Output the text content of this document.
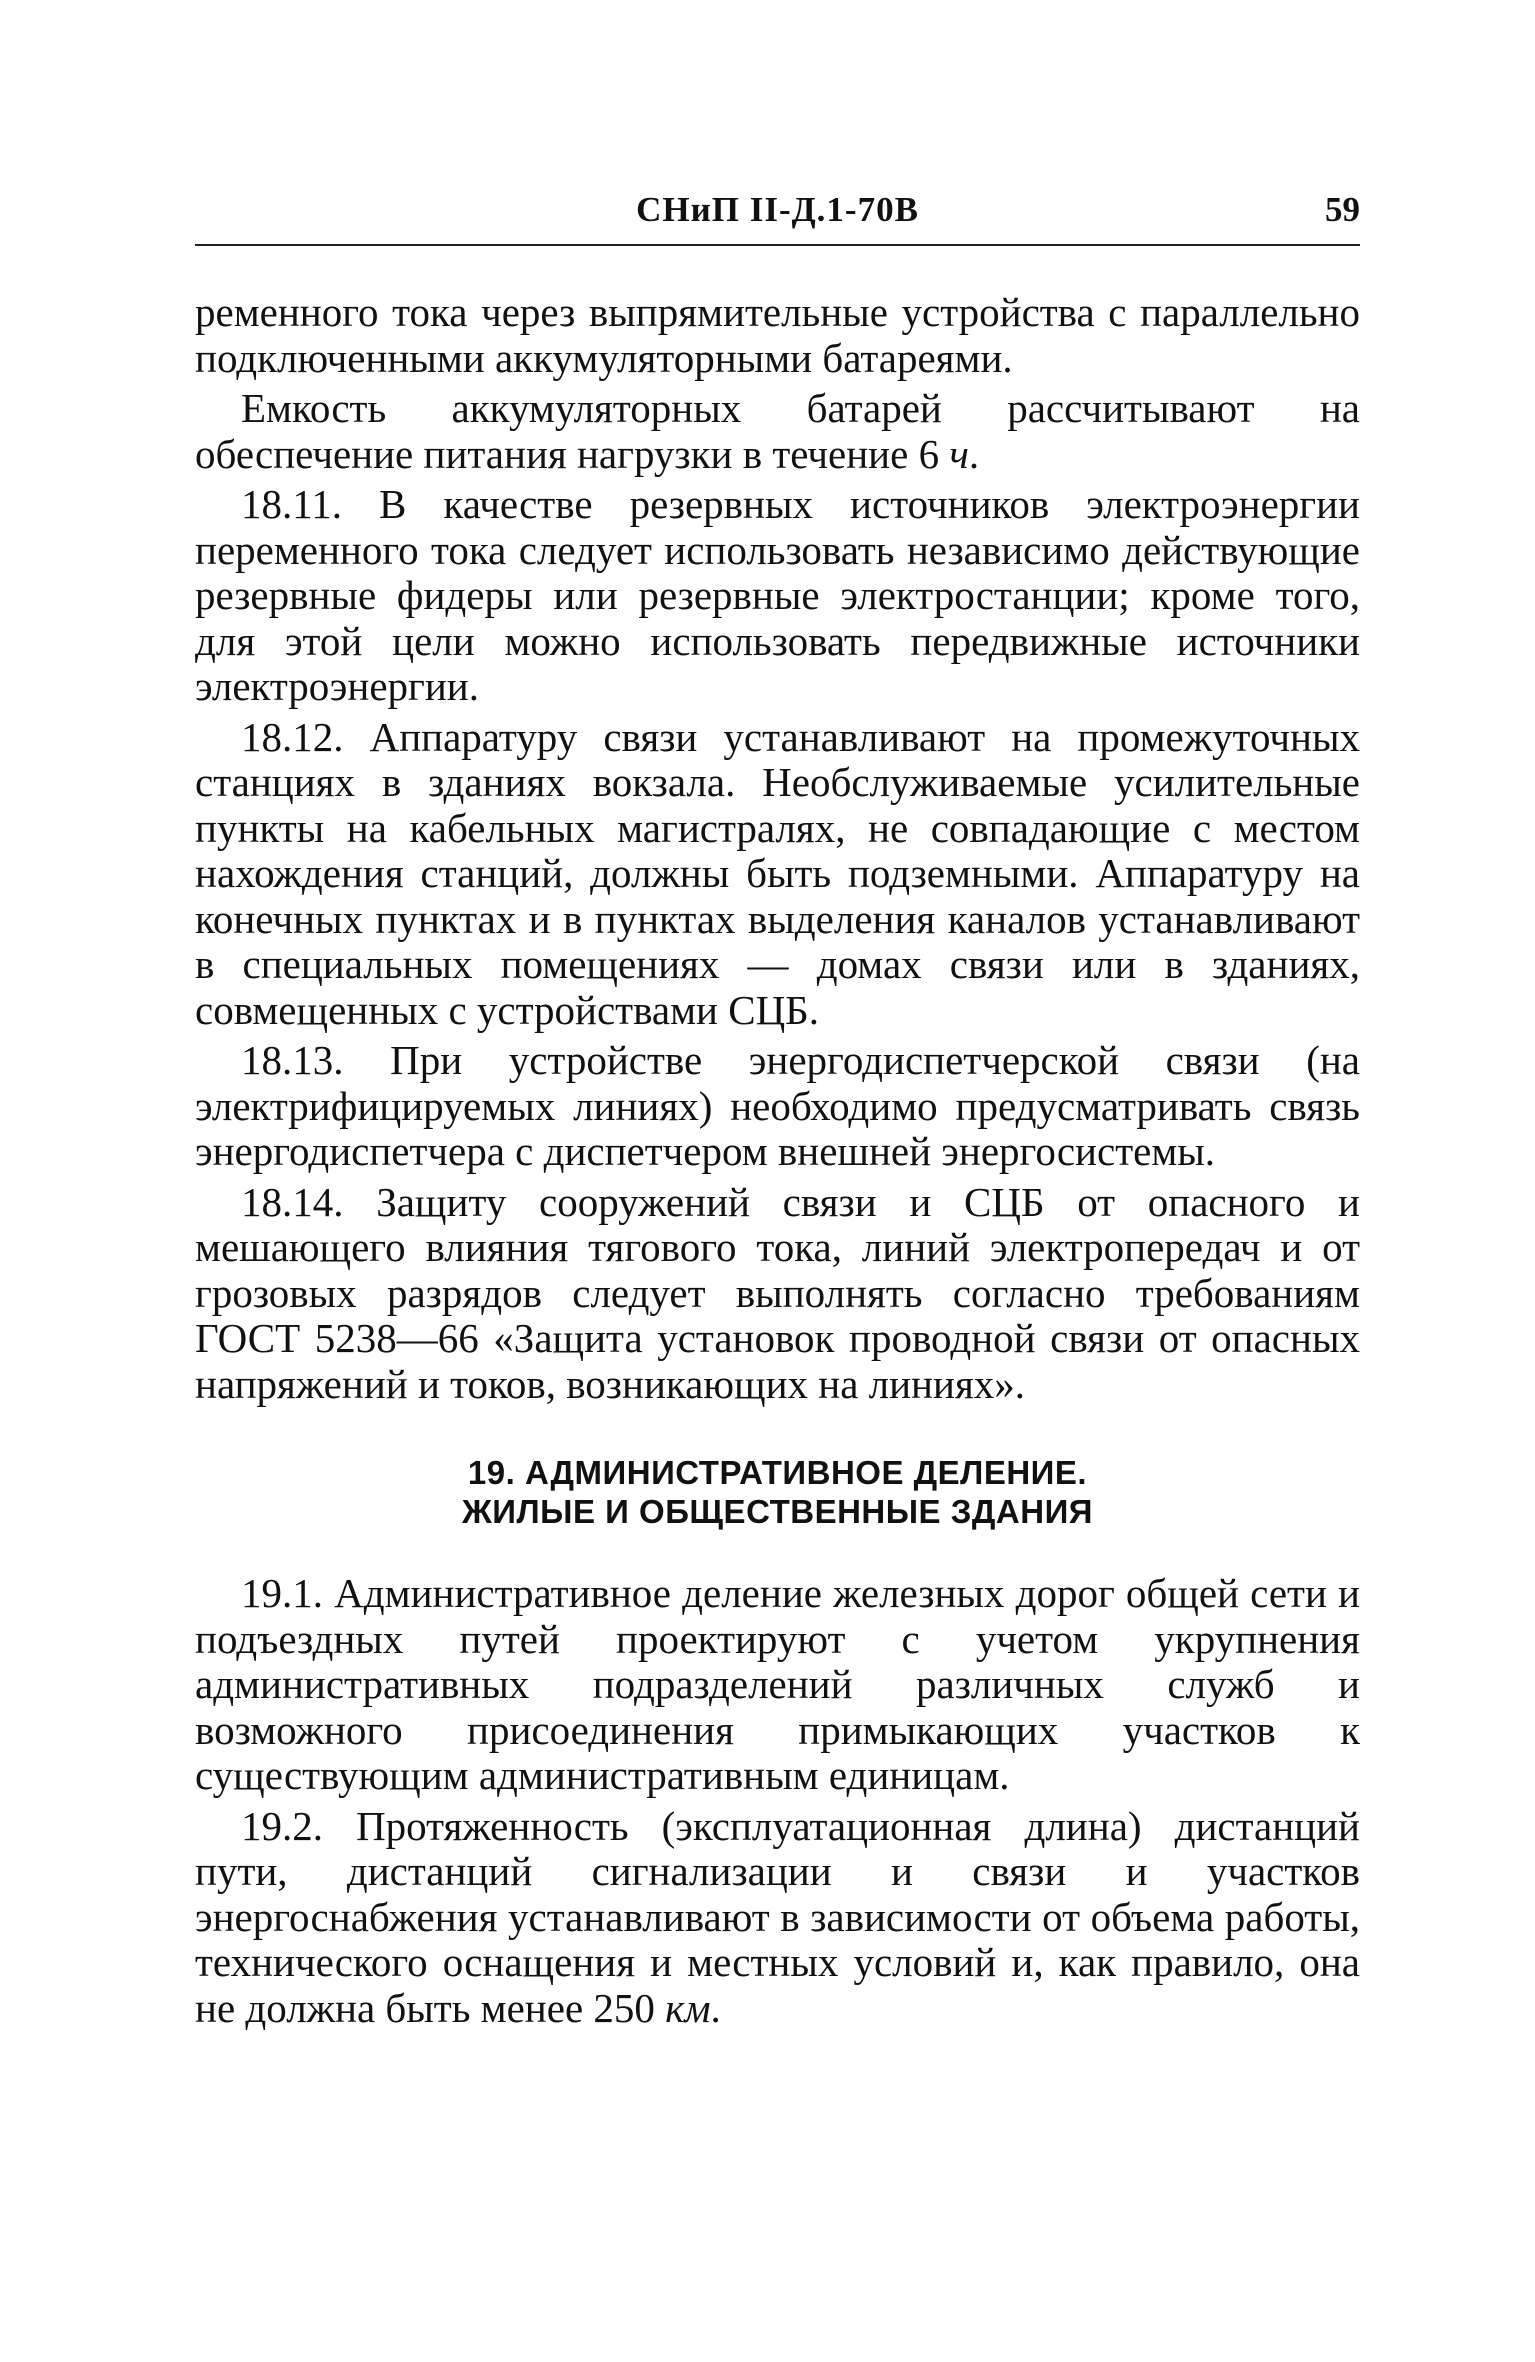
СНиП II-Д.1-70В	59

ременного тока через выпрямительные устройства с параллельно подключенными аккумуляторными батареями.

Емкость аккумуляторных батарей рассчитывают на обеспечение питания нагрузки в течение 6 ч.

18.11. В качестве резервных источников электроэнергии переменного тока следует использовать независимо действующие резервные фидеры или резервные электростанции; кроме того, для этой цели можно использовать передвижные источники электроэнергии.

18.12. Аппаратуру связи устанавливают на промежуточных станциях в зданиях вокзала. Необслуживаемые усилительные пункты на кабельных магистралях, не совпадающие с местом нахождения станций, должны быть подземными. Аппаратуру на конечных пунктах и в пунктах выделения каналов устанавливают в специальных помещениях — домах связи или в зданиях, совмещенных с устройствами СЦБ.

18.13. При устройстве энергодиспетчерской связи (на электрифицируемых линиях) необходимо предусматривать связь энергодиспетчера с диспетчером внешней энергосистемы.

18.14. Защиту сооружений связи и СЦБ от опасного и мешающего влияния тягового тока, линий электропередач и от грозовых разрядов следует выполнять согласно требованиям ГОСТ 5238—66 «Защита установок проводной связи от опасных напряжений и токов, возникающих на линиях».

19. АДМИНИСТРАТИВНОЕ ДЕЛЕНИЕ.
ЖИЛЫЕ И ОБЩЕСТВЕННЫЕ ЗДАНИЯ

19.1. Административное деление железных дорог общей сети и подъездных путей проектируют с учетом укрупнения административных подразделений различных служб и возможного присоединения примыкающих участков к существующим административным единицам.

19.2. Протяженность (эксплуатационная длина) дистанций пути, дистанций сигнализации и связи и участков энергоснабжения устанавливают в зависимости от объема работы, технического оснащения и местных условий и, как правило, она не должна быть менее 250 км.
